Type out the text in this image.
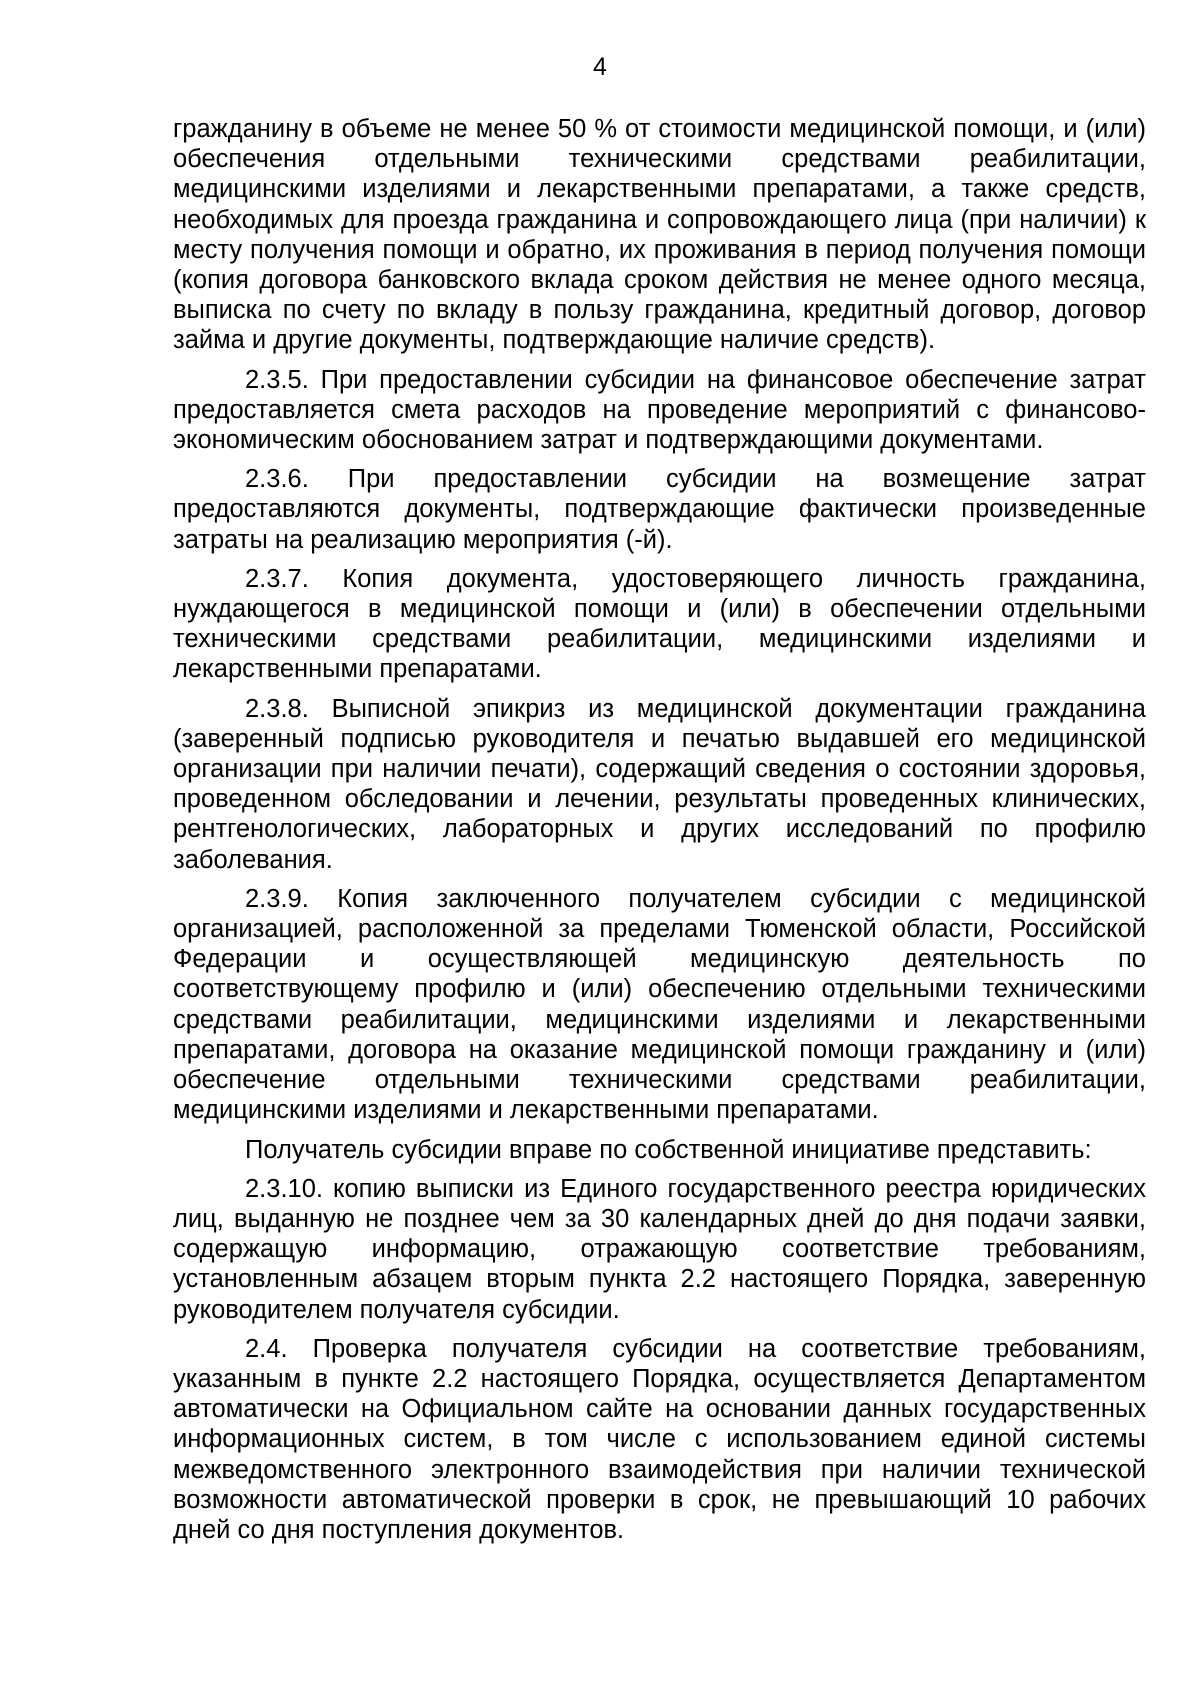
4

гражданину в объеме не менее 50 % от стоимости медицинской помощи, и (или) обеспечения отдельными техническими средствами реабилитации, медицинскими изделиями и лекарственными препаратами, а также средств, необходимых для проезда гражданина и сопровождающего лица (при наличии) к месту получения помощи и обратно, их проживания в период получения помощи (копия договора банковского вклада сроком действия не менее одного месяца, выписка по счету по вкладу в пользу гражданина, кредитный договор, договор займа и другие документы, подтверждающие наличие средств).

2.3.5. При предоставлении субсидии на финансовое обеспечение затрат предоставляется смета расходов на проведение мероприятий с финансово-экономическим обоснованием затрат и подтверждающими документами.

2.3.6. При предоставлении субсидии на возмещение затрат предоставляются документы, подтверждающие фактически произведенные затраты на реализацию мероприятия (-й).

2.3.7. Копия документа, удостоверяющего личность гражданина, нуждающегося в медицинской помощи и (или) в обеспечении отдельными техническими средствами реабилитации, медицинскими изделиями и лекарственными препаратами.

2.3.8. Выписной эпикриз из медицинской документации гражданина (заверенный подписью руководителя и печатью выдавшей его медицинской организации при наличии печати), содержащий сведения о состоянии здоровья, проведенном обследовании и лечении, результаты проведенных клинических, рентгенологических, лабораторных и других исследований по профилю заболевания.

2.3.9. Копия заключенного получателем субсидии с медицинской организацией, расположенной за пределами Тюменской области, Российской Федерации и осуществляющей медицинскую деятельность по соответствующему профилю и (или) обеспечению отдельными техническими средствами реабилитации, медицинскими изделиями и лекарственными препаратами, договора на оказание медицинской помощи гражданину и (или) обеспечение отдельными техническими средствами реабилитации, медицинскими изделиями и лекарственными препаратами.

Получатель субсидии вправе по собственной инициативе представить:

2.3.10. копию выписки из Единого государственного реестра юридических лиц, выданную не позднее чем за 30 календарных дней до дня подачи заявки, содержащую информацию, отражающую соответствие требованиям, установленным абзацем вторым пункта 2.2 настоящего Порядка, заверенную руководителем получателя субсидии.

2.4. Проверка получателя субсидии на соответствие требованиям, указанным в пункте 2.2 настоящего Порядка, осуществляется Департаментом автоматически на Официальном сайте на основании данных государственных информационных систем, в том числе с использованием единой системы межведомственного электронного взаимодействия при наличии технической возможности автоматической проверки в срок, не превышающий 10 рабочих дней со дня поступления документов.
